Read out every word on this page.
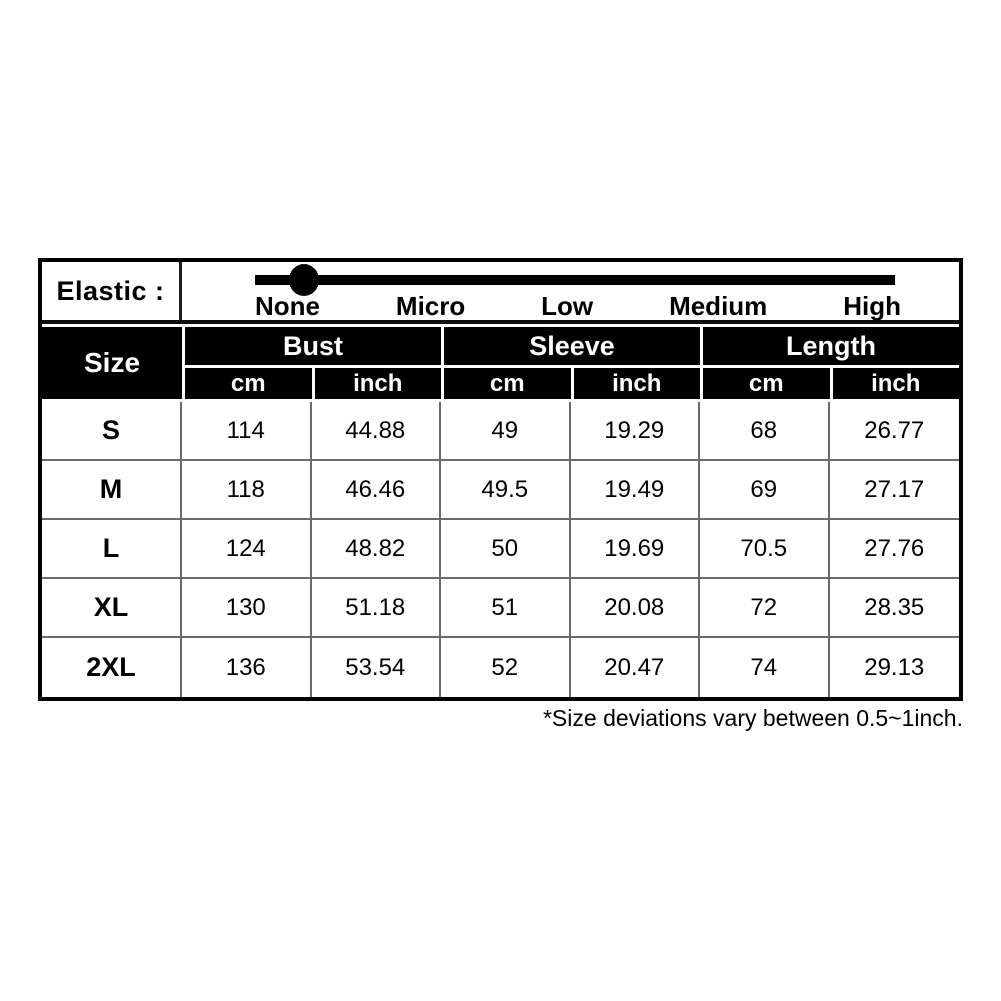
Elastic :
None	Micro	Low	Medium	High
Size
Bust	Sleeve	Length
cm	inch	cm	inch	cm	inch
S	114	44.88	49	19.29	68	26.77
M	118	46.46	49.5	19.49	69	27.17
L	124	48.82	50	19.69	70.5	27.76
XL	130	51.18	51	20.08	72	28.35
2XL	136	53.54	52	20.47	74	29.13
*Size deviations vary between 0.5~1inch.
